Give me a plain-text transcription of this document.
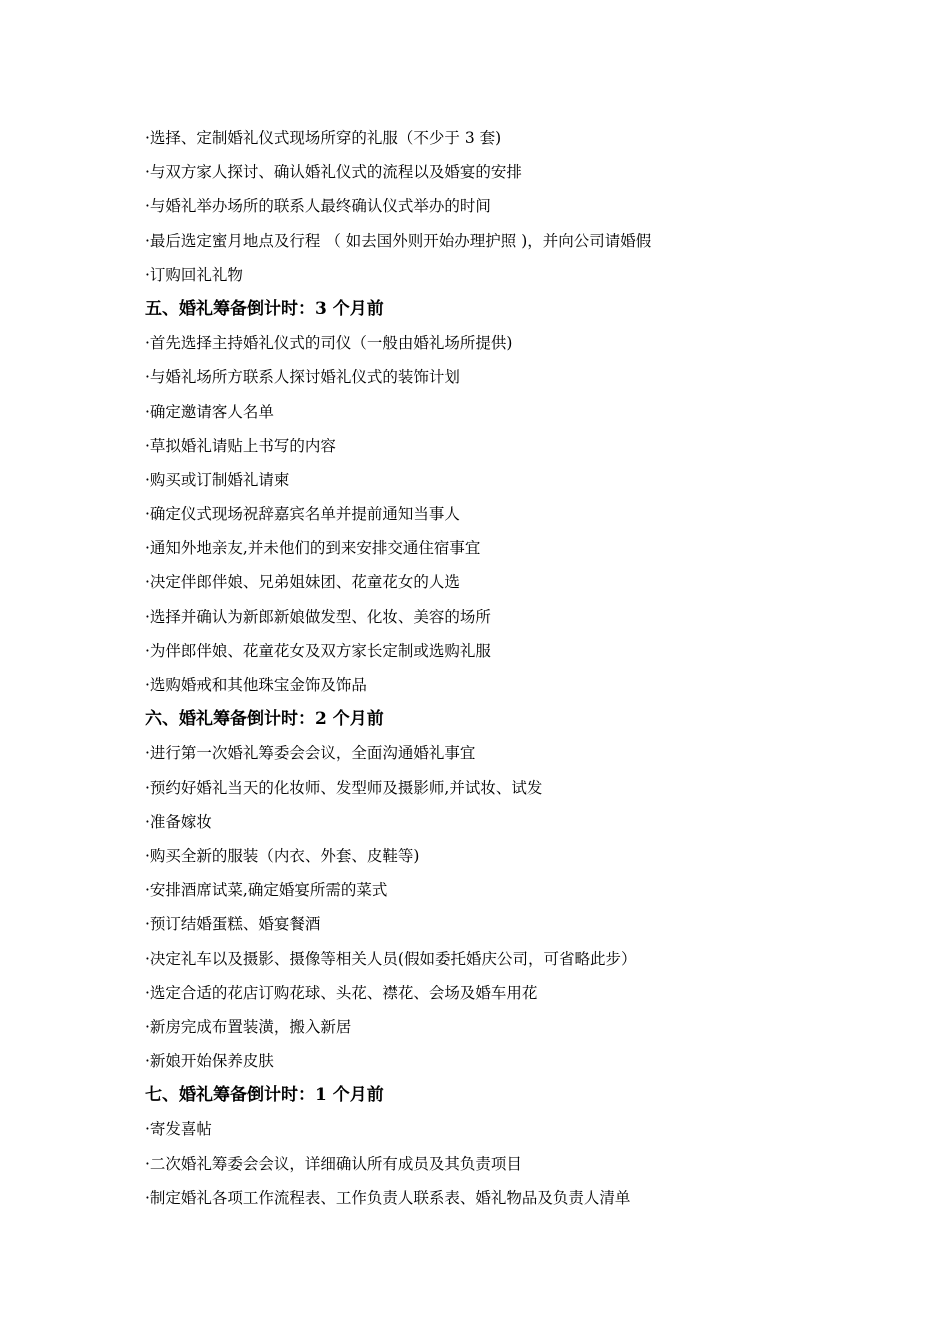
·选择、定制婚礼仪式现场所穿的礼服（不少于 3 套)
·与双方家人探讨、确认婚礼仪式的流程以及婚宴的安排
·与婚礼举办场所的联系人最终确认仪式举办的时间
·最后选定蜜月地点及行程 （ 如去国外则开始办理护照 )，并向公司请婚假
·订购回礼礼物
五、婚礼筹备倒计时：3 个月前
·首先选择主持婚礼仪式的司仪（一般由婚礼场所提供)
·与婚礼场所方联系人探讨婚礼仪式的装饰计划
·确定邀请客人名单
·草拟婚礼请贴上书写的内容
·购买或订制婚礼请柬
·确定仪式现场祝辞嘉宾名单并提前通知当事人
·通知外地亲友,并未他们的到来安排交通住宿事宜
·决定伴郎伴娘、兄弟姐妹团、花童花女的人选
·选择并确认为新郎新娘做发型、化妆、美容的场所
·为伴郎伴娘、花童花女及双方家长定制或选购礼服
·选购婚戒和其他珠宝金饰及饰品
六、婚礼筹备倒计时：2 个月前
·进行第一次婚礼筹委会会议，全面沟通婚礼事宜
·预约好婚礼当天的化妆师、发型师及摄影师,并试妆、试发
·准备嫁妆
·购买全新的服装（内衣、外套、皮鞋等)
·安排酒席试菜,确定婚宴所需的菜式
·预订结婚蛋糕、婚宴餐酒
·决定礼车以及摄影、摄像等相关人员(假如委托婚庆公司，可省略此步）
·选定合适的花店订购花球、头花、襟花、会场及婚车用花
·新房完成布置装潢，搬入新居
·新娘开始保养皮肤
七、婚礼筹备倒计时：1 个月前
·寄发喜帖
·二次婚礼筹委会会议，详细确认所有成员及其负责项目
·制定婚礼各项工作流程表、工作负责人联系表、婚礼物品及负责人清单
